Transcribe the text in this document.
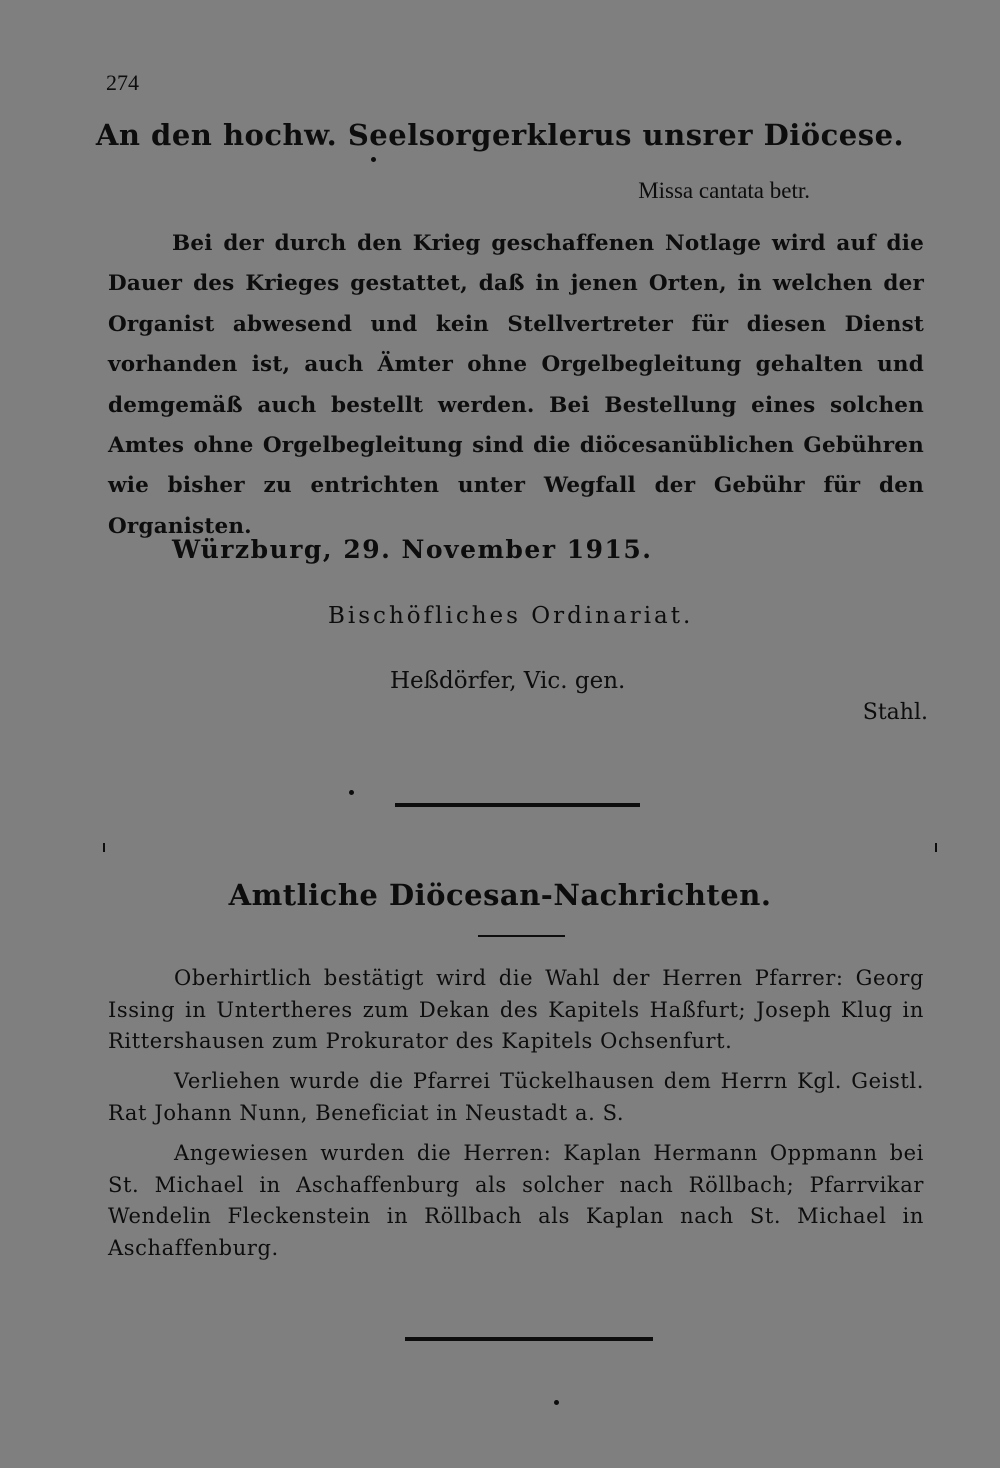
274
An den hochw. Seelsorgerklerus unsrer Diöcese.
Missa cantata betr.
Bei der durch den Krieg geschaffenen Notlage wird auf die Dauer des Krieges gestattet, daß in jenen Orten, in welchen der Organist abwesend und kein Stellvertreter für diesen Dienst vorhanden ist, auch Ämter ohne Orgelbegleitung gehalten und demgemäß auch bestellt werden. Bei Bestellung eines solchen Amtes ohne Orgelbegleitung sind die diöcesanüblichen Gebühren wie bisher zu entrichten unter Wegfall der Gebühr für den Organisten.
Würzburg, 29. November 1915.
Bischöfliches Ordinariat.
Heßdörfer, Vic. gen.
Stahl.
Amtliche Diöcesan-Nachrichten.
Oberhirtlich bestätigt wird die Wahl der Herren Pfarrer: Georg Issing in Untertheres zum Dekan des Kapitels Haßfurt; Joseph Klug in Rittershausen zum Prokurator des Kapitels Ochsenfurt.
Verliehen wurde die Pfarrei Tückelhausen dem Herrn Kgl. Geistl. Rat Johann Nunn, Beneficiat in Neustadt a. S.
Angewiesen wurden die Herren: Kaplan Hermann Oppmann bei St. Michael in Aschaffenburg als solcher nach Röllbach; Pfarrvikar Wendelin Fleckenstein in Röllbach als Kaplan nach St. Michael in Aschaffenburg.
